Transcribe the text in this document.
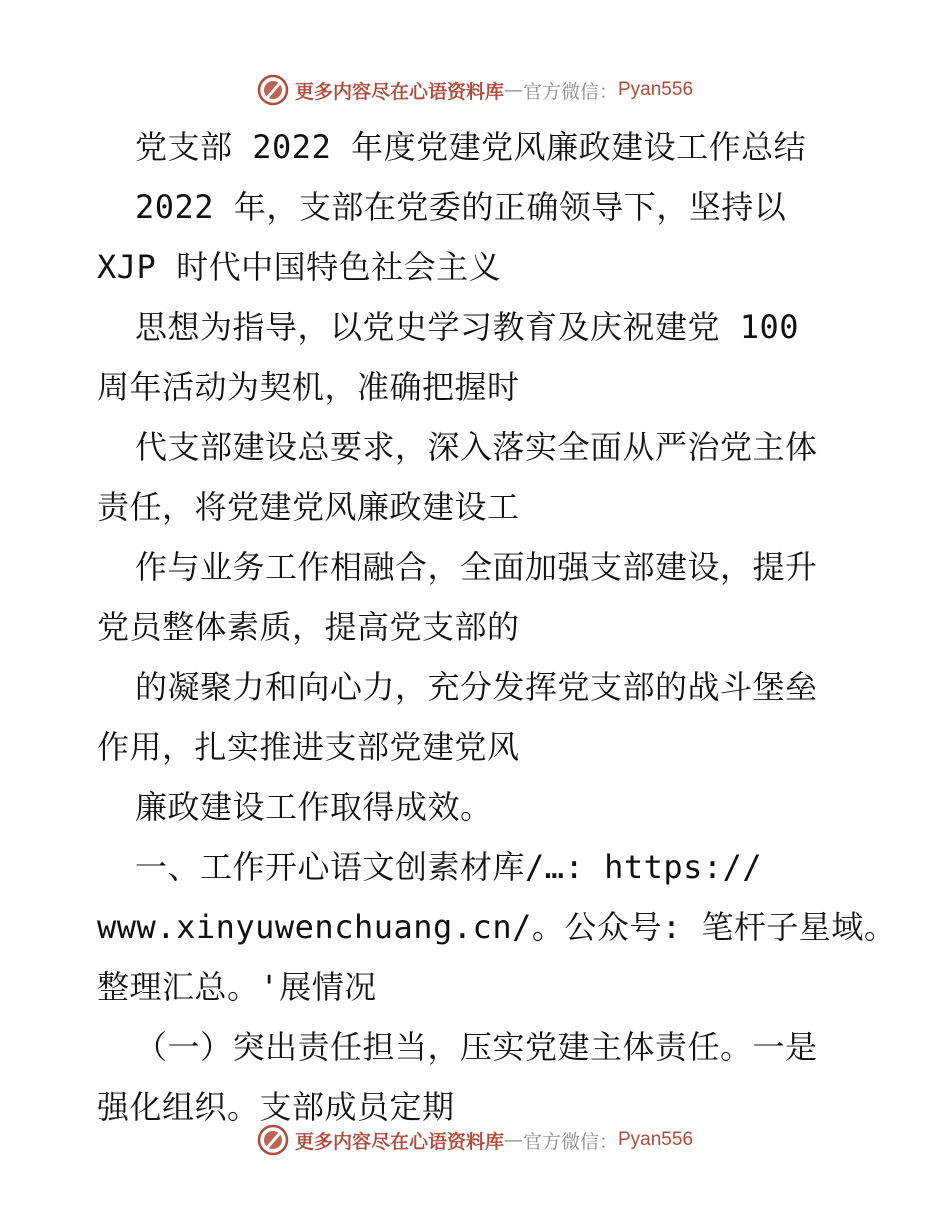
更多内容尽在心语资料库 — 官方微信： Pyan556
党支部 2022 年度党建党风廉政建设工作总结
2022 年，支部在党委的正确领导下，坚持以
XJP 时代中国特色社会主义
思想为指导，以党史学习教育及庆祝建党 100
周年活动为契机，准确把握时
代支部建设总要求，深入落实全面从严治党主体
责任，将党建党风廉政建设工
作与业务工作相融合，全面加强支部建设，提升
党员整体素质，提高党支部的
的凝聚力和向心力，充分发挥党支部的战斗堡垒
作用，扎实推进支部党建党风
廉政建设工作取得成效。
一、工作开心语文创素材库/…: https://
www.xinyuwenchuang.cn/。公众号: 笔杆子星域。
整理汇总。'展情况
（一）突出责任担当，压实党建主体责任。一是
强化组织。支部成员定期
更多内容尽在心语资料库 — 官方微信： Pyan556
